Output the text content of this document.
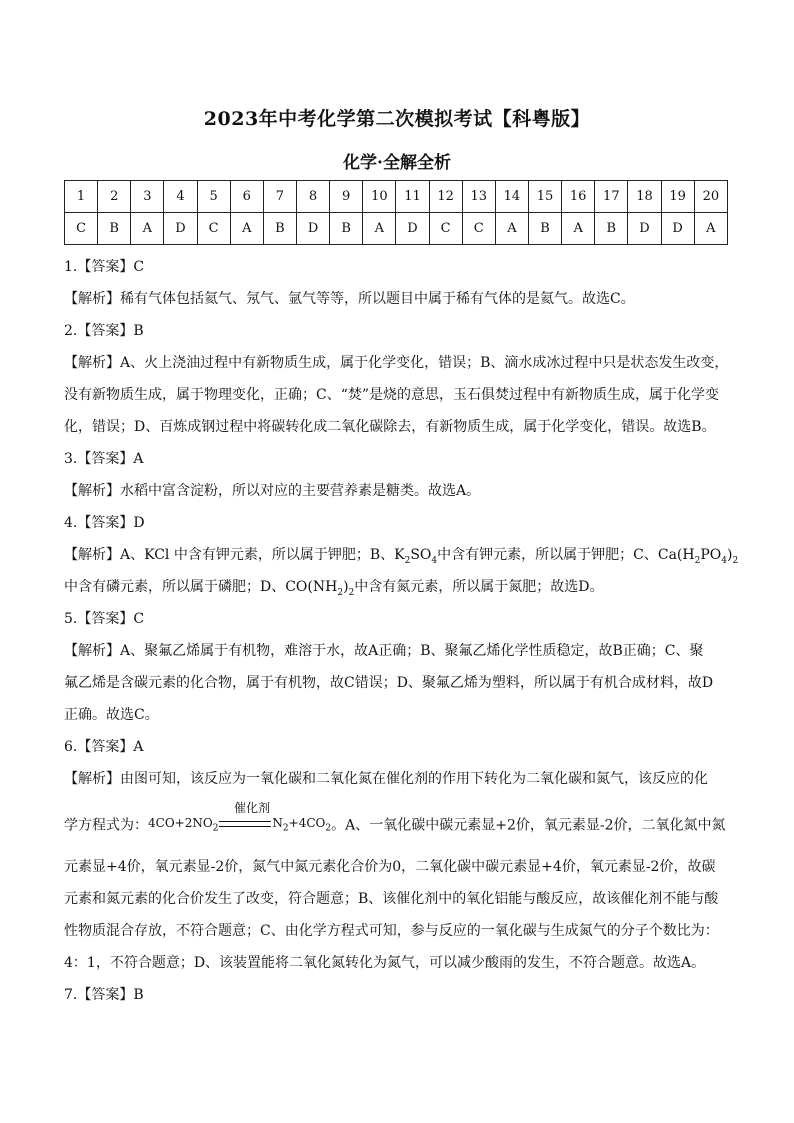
2023年中考化学第二次模拟考试【科粤版】
化学·全解全析
1	2	3	4	5	6	7	8	9	10	11	12	13	14	15	16	17	18	19	20
C	B	A	D	C	A	B	D	B	A	D	C	C	A	B	A	B	D	D	A
1.【答案】C
【解析】稀有气体包括氦气、氖气、氩气等等，所以题目中属于稀有气体的是氦气。故选C。
2.【答案】B
【解析】A、火上浇油过程中有新物质生成，属于化学变化，错误；B、滴水成冰过程中只是状态发生改变，
没有新物质生成，属于物理变化，正确；C、“焚”是烧的意思，玉石俱焚过程中有新物质生成，属于化学变
化，错误；D、百炼成钢过程中将碳转化成二氧化碳除去，有新物质生成，属于化学变化，错误。故选B。
3.【答案】A
【解析】水稻中富含淀粉，所以对应的主要营养素是糖类。故选A。
4.【答案】D
【解析】A、KCl 中含有钾元素，所以属于钾肥；B、$K_2SO_4$中含有钾元素，所以属于钾肥；C、$Ca(H_2PO_4)_2$
中含有磷元素，所以属于磷肥；D、$CO(NH_2)_2$中含有氮元素，所以属于氮肥；故选D。
5.【答案】C
【解析】A、聚氟乙烯属于有机物，难溶于水，故A正确；B、聚氟乙烯化学性质稳定，故B正确；C、聚
氟乙烯是含碳元素的化合物，属于有机物，故C错误；D、聚氟乙烯为塑料，所以属于有机合成材料，故D
正确。故选C。
6.【答案】A
【解析】由图可知，该反应为一氧化碳和二氧化氮在催化剂的作用下转化为二氧化碳和氮气，该反应的化
学方程式为：$4CO+2NO_2$
催化剂
$N_2+4CO_2$。A、一氧化碳中碳元素显+2价，氧元素显-2价，二氧化氮中氮
元素显+4价，氧元素显-2价，氮气中氮元素化合价为0，二氧化碳中碳元素显+4价，氧元素显-2价，故碳
元素和氮元素的化合价发生了改变，符合题意；B、该催化剂中的氧化铝能与酸反应，故该催化剂不能与酸
性物质混合存放，不符合题意；C、由化学方程式可知，参与反应的一氧化碳与生成氮气的分子个数比为：
4：1，不符合题意；D、该装置能将二氧化氮转化为氮气，可以减少酸雨的发生，不符合题意。故选A。
7.【答案】B
